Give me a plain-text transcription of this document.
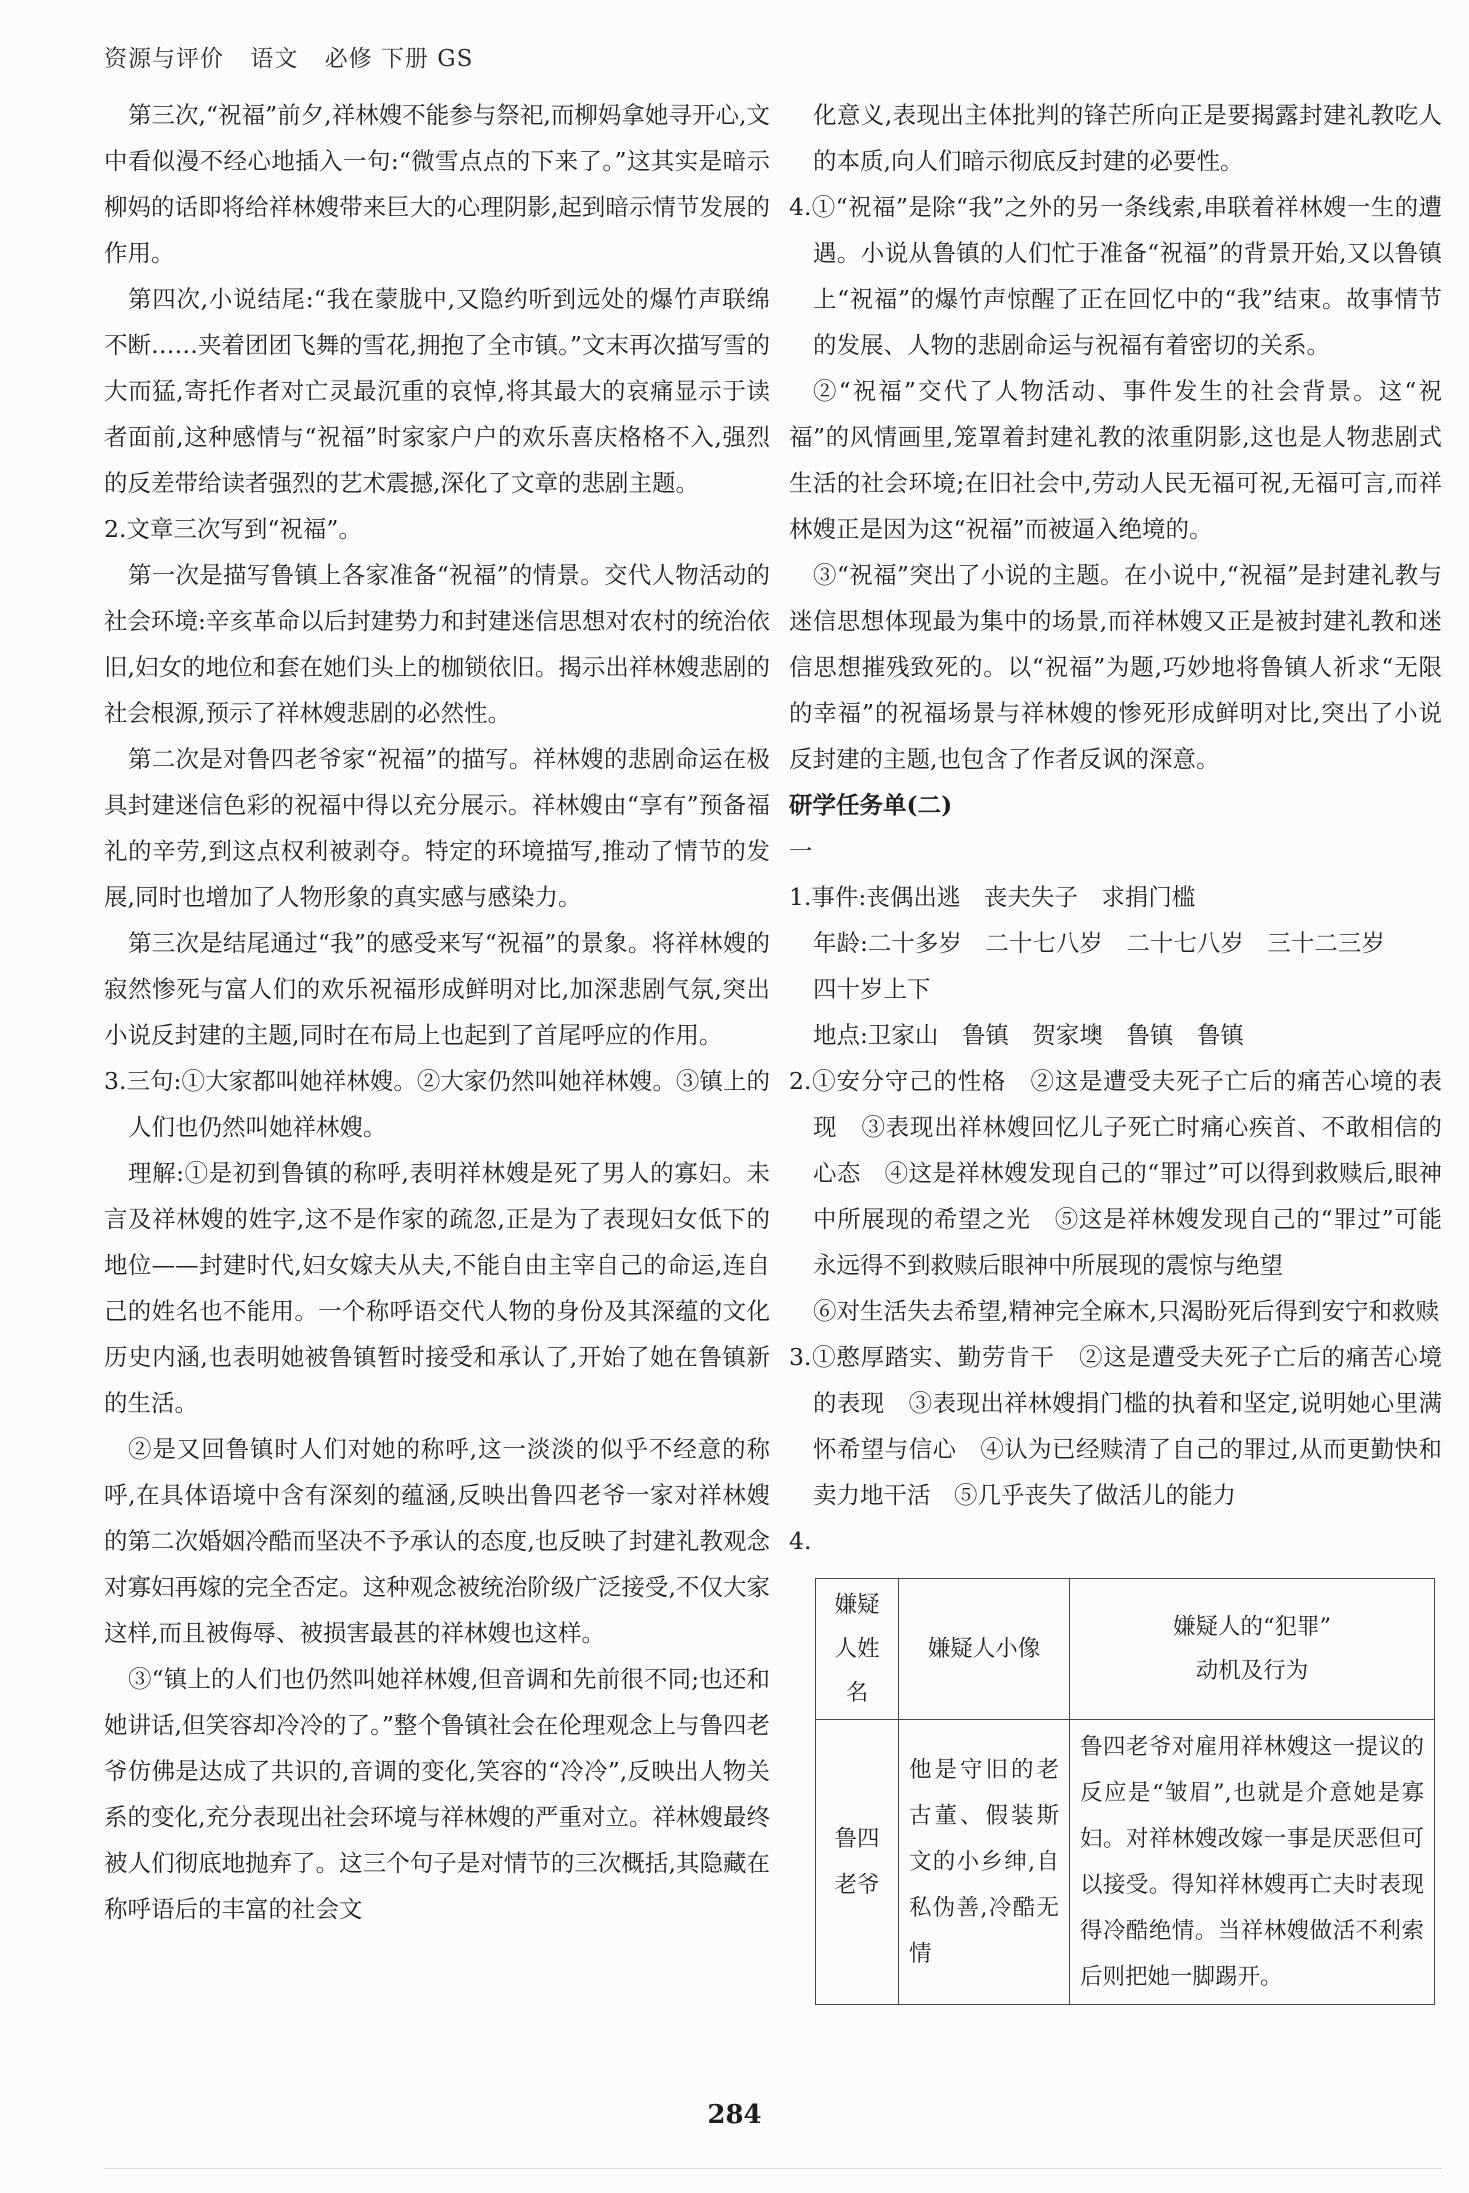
资源与评价 语文 必修 下册 GS

第三次,“祝福”前夕,祥林嫂不能参与祭祀,而柳妈拿她寻开心,文中看似漫不经心地插入一句:“微雪点点的下来了。”这其实是暗示柳妈的话即将给祥林嫂带来巨大的心理阴影,起到暗示情节发展的作用。

第四次,小说结尾:“我在蒙胧中,又隐约听到远处的爆竹声联绵不断……夹着团团飞舞的雪花,拥抱了全市镇。”文末再次描写雪的大而猛,寄托作者对亡灵最沉重的哀悼,将其最大的哀痛显示于读者面前,这种感情与“祝福”时家家户户的欢乐喜庆格格不入,强烈的反差带给读者强烈的艺术震撼,深化了文章的悲剧主题。

2.文章三次写到“祝福”。

第一次是描写鲁镇上各家准备“祝福”的情景。交代人物活动的社会环境:辛亥革命以后封建势力和封建迷信思想对农村的统治依旧,妇女的地位和套在她们头上的枷锁依旧。揭示出祥林嫂悲剧的社会根源,预示了祥林嫂悲剧的必然性。

第二次是对鲁四老爷家“祝福”的描写。祥林嫂的悲剧命运在极具封建迷信色彩的祝福中得以充分展示。祥林嫂由“享有”预备福礼的辛劳,到这点权利被剥夺。特定的环境描写,推动了情节的发展,同时也增加了人物形象的真实感与感染力。

第三次是结尾通过“我”的感受来写“祝福”的景象。将祥林嫂的寂然惨死与富人们的欢乐祝福形成鲜明对比,加深悲剧气氛,突出小说反封建的主题,同时在布局上也起到了首尾呼应的作用。

3.三句:①大家都叫她祥林嫂。②大家仍然叫她祥林嫂。③镇上的人们也仍然叫她祥林嫂。

理解:①是初到鲁镇的称呼,表明祥林嫂是死了男人的寡妇。未言及祥林嫂的姓字,这不是作家的疏忽,正是为了表现妇女低下的地位——封建时代,妇女嫁夫从夫,不能自由主宰自己的命运,连自己的姓名也不能用。一个称呼语交代人物的身份及其深蕴的文化历史内涵,也表明她被鲁镇暂时接受和承认了,开始了她在鲁镇新的生活。

②是又回鲁镇时人们对她的称呼,这一淡淡的似乎不经意的称呼,在具体语境中含有深刻的蕴涵,反映出鲁四老爷一家对祥林嫂的第二次婚姻冷酷而坚决不予承认的态度,也反映了封建礼教观念对寡妇再嫁的完全否定。这种观念被统治阶级广泛接受,不仅大家这样,而且被侮辱、被损害最甚的祥林嫂也这样。

③“镇上的人们也仍然叫她祥林嫂,但音调和先前很不同;也还和她讲话,但笑容却冷冷的了。”整个鲁镇社会在伦理观念上与鲁四老爷仿佛是达成了共识的,音调的变化,笑容的“冷冷”,反映出人物关系的变化,充分表现出社会环境与祥林嫂的严重对立。祥林嫂最终被人们彻底地抛弃了。这三个句子是对情节的三次概括,其隐藏在称呼语后的丰富的社会文

化意义,表现出主体批判的锋芒所向正是要揭露封建礼教吃人的本质,向人们暗示彻底反封建的必要性。

4.①“祝福”是除“我”之外的另一条线索,串联着祥林嫂一生的遭遇。小说从鲁镇的人们忙于准备“祝福”的背景开始,又以鲁镇上“祝福”的爆竹声惊醒了正在回忆中的“我”结束。故事情节的发展、人物的悲剧命运与祝福有着密切的关系。

②“祝福”交代了人物活动、事件发生的社会背景。这“祝福”的风情画里,笼罩着封建礼教的浓重阴影,这也是人物悲剧式生活的社会环境;在旧社会中,劳动人民无福可祝,无福可言,而祥林嫂正是因为这“祝福”而被逼入绝境的。

③“祝福”突出了小说的主题。在小说中,“祝福”是封建礼教与迷信思想体现最为集中的场景,而祥林嫂又正是被封建礼教和迷信思想摧残致死的。以“祝福”为题,巧妙地将鲁镇人祈求“无限的幸福”的祝福场景与祥林嫂的惨死形成鲜明对比,突出了小说反封建的主题,也包含了作者反讽的深意。

研学任务单(二)

一

1.事件:丧偶出逃　丧夫失子　求捐门槛

年龄:二十多岁　二十七八岁　二十七八岁　三十二三岁

四十岁上下

地点:卫家山　鲁镇　贺家墺　鲁镇　鲁镇

2.①安分守己的性格　②这是遭受夫死子亡后的痛苦心境的表现　③表现出祥林嫂回忆儿子死亡时痛心疾首、不敢相信的心态　④这是祥林嫂发现自己的“罪过”可以得到救赎后,眼神中所展现的希望之光　⑤这是祥林嫂发现自己的“罪过”可能永远得不到救赎后眼神中所展现的震惊与绝望

⑥对生活失去希望,精神完全麻木,只渴盼死后得到安宁和救赎

3.①憨厚踏实、勤劳肯干　②这是遭受夫死子亡后的痛苦心境的表现　③表现出祥林嫂捐门槛的执着和坚定,说明她心里满怀希望与信心　④认为已经赎清了自己的罪过,从而更勤快和卖力地干活　⑤几乎丧失了做活儿的能力

4.

嫌疑人姓名	嫌疑人小像	嫌疑人的“犯罪”
动机及行为

鲁四老爷	他是守旧的老古董、假装斯文的小乡绅,自私伪善,冷酷无情	鲁四老爷对雇用祥林嫂这一提议的反应是“皱眉”,也就是介意她是寡妇。对祥林嫂改嫁一事是厌恶但可以接受。得知祥林嫂再亡夫时表现得冷酷绝情。当祥林嫂做活不利索后则把她一脚踢开。
284
